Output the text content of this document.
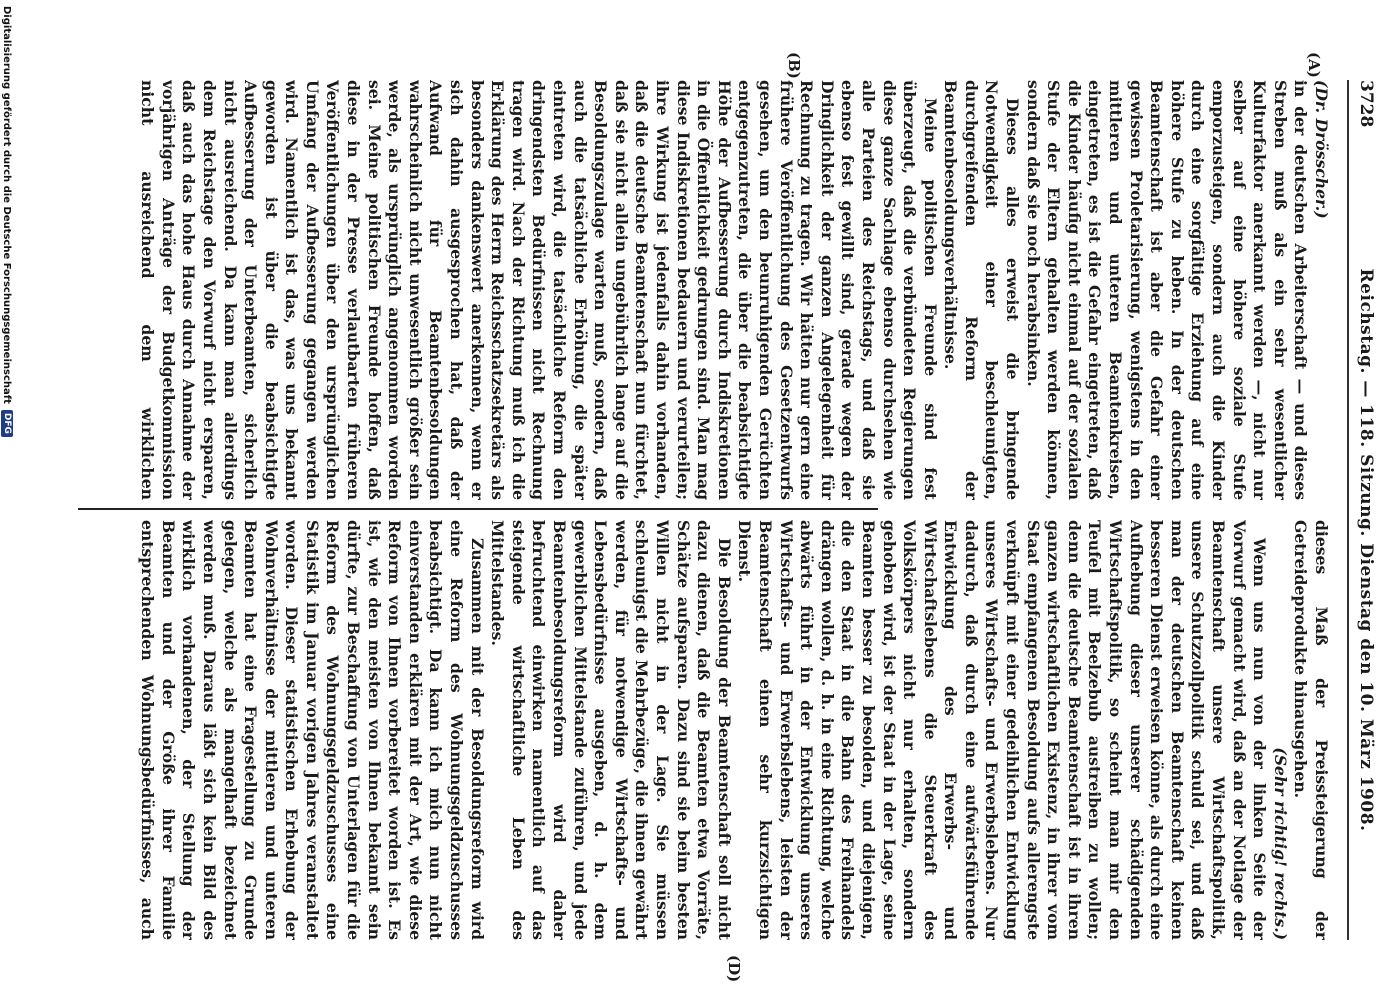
3728
Reichstag. — 118. Sitzung. Dienstag den 10. März 1908.
(A)
(B)
(D)

(Dr. Drösscher.)

in der deutschen Arbeiterschaft — und dieses Streben muß als ein sehr wesentlicher Kulturfaktor anerkannt werden —, nicht nur selber auf eine höhere soziale Stufe emporzusteigen, sondern auch die Kinder durch eine sorgfältige Erziehung auf eine höhere Stufe zu heben. In der deutschen Beamtenschaft ist aber die Gefahr einer gewissen Proletarisierung, wenigstens in den mittleren und unteren Beamtenkreisen, eingetreten, es ist die Gefahr eingetreten, daß die Kinder häufig nicht einmal auf der sozialen Stufe der Eltern gehalten werden können, sondern daß sie noch herabsinken.

Dieses alles erweist die bringende Notwendigkeit einer beschleunigten, durchgreifenden Reform der Beamtenbesoldungsverhältnisse.

Meine politischen Freunde sind fest überzeugt, daß die verbündeten Regierungen diese ganze Sachlage ebenso durchsehen wie alle Parteien des Reichstags, und daß sie ebenso fest gewillt sind, gerade wegen der Dringlichkeit der ganzen Angelegenheit für Rechnung zu tragen. Wir hätten nur gern eine frühere Veröffentlichung des Gesetzentwurfs gesehen, um den beunruhigenden Gerüchten entgegenzutreten, die über die beabsichtigte Höhe der Aufbesserung durch Indiskretionen in die Öffentlichkeit gedrungen sind. Man mag diese Indiskretionen bedauern und verurteilen; ihre Wirkung ist jedenfalls dahin vorhanden, daß die deutsche Beamtenschaft nun fürchtet, daß sie nicht allein ungebührlich lange auf die Besoldungszulage warten muß, sondern, daß auch die tatsächliche Erhöhung, die später eintreten wird, die tatsächliche Reform den dringendsten Bedürfnissen nicht Rechnung tragen wird. Nach der Richtung muß ich die Erklärung des Herrn Reichsschatzsekretärs als besonders dankenswert anerkennen, wenn er sich dahin ausgesprochen hat, daß der Aufwand für Beamtenbesoldungen wahrscheinlich nicht unwesentlich größer sein werde, als ursprünglich angenommen worden sei. Meine politischen Freunde hoffen, daß diese in der Presse verlautbarten früheren Veröffentlichungen über den ursprünglichen Umfang der Aufbesserung gegangen werden wird. Namentlich ist das, was uns bekannt geworden ist über die beabsichtigte Aufbesserung der Unterbeamten, sicherlich nicht ausreichend. Da kann man allerdings dem Reichstage den Vorwurf nicht ersparen, daß auch das hohe Haus durch Annahme der vorjährigen Anträge der Budgetkommission nicht ausreichend dem wirklichen

dieses Maß der Preissteigerung der Getreideprodukte hinausgehen.

(Sehr richtig! rechts.)

Wenn uns nun von der linken Seite der Vorwurf gemacht wird, daß an der Notlage der Beamtenschaft unsere Wirtschaftspolitik, unsere Schutzzollpolitik schuld sei, und daß man der deutschen Beamtenschaft keinen besseren Dienst erweisen könne, als durch eine Aufhebung dieser unserer schädigenden Wirtschaftspolitik, so scheint man mir den Teufel mit Beelzebub austreiben zu wollen; denn die deutsche Beamtenschaft ist in ihren ganzen wirtschaftlichen Existenz, in ihrer vom Staat empfangenen Besoldung aufs allerengste verknüpft mit einer gedeihlichen Entwicklung unseres Wirtschafts- und Erwerbslebens. Nur dadurch, daß durch eine aufwärtsführende Entwicklung des Erwerbs- und Wirtschaftslebens die Steuerkraft des Volkskörpers nicht nur erhalten, sondern gehoben wird, ist der Staat in der Lage, seine Beamten besser zu besolden, und diejenigen, die den Staat in die Bahn des Freihandels drängen wollen, d. h. in eine Richtung, welche abwärts führt in der Entwicklung unseres Wirtschafts- und Erwerbslebens, leisten der Beamtenschaft einen sehr kurzsichtigen Dienst.

Die Besoldung der Beamtenschaft soll nicht dazu dienen, daß die Beamten etwa Vorräte, Schätze aufsparen. Dazu sind sie beim besten Willen nicht in der Lage. Sie müssen schleunigst die Mehrbezüge, die ihnen gewährt werden, für notwendige Wirtschafts- und Lebensbedürfnisse ausgeben, d. h. dem gewerblichen Mittelstande zuführen, und jede Beamtenbesoldungsreform wird daher befruchtend einwirken namentlich auf das steigende wirtschaftliche Leben des Mittelstandes.

Zusammen mit der Besoldungsreform wird eine Reform des Wohnungsgeldzuschusses beabsichtigt. Da kann ich mich nun nicht einverstanden erklären mit der Art, wie diese Reform von Ihnen vorbereitet worden ist. Es ist, wie den meisten von Ihnen bekannt sein dürfte, zur Beschaffung von Unterlagen für die Reform des Wohnungsgeldzuschusses eine Statistik im Januar vorigen Jahres veranstaltet worden. Dieser statistischen Erhebung der Wohnverhältnisse der mittleren und unteren Beamten hat eine Fragestellung zu Grunde gelegen, welche als mangelhaft bezeichnet werden muß. Daraus läßt sich kein Bild des wirklich vorhandenen, der Stellung der Beamten und der Größe ihrer Familie entsprechenden Wohnungsbedürfnisses, auch

Digitalisierung gefördert durch die Deutsche Forschungsgemeinschaft
DFG
